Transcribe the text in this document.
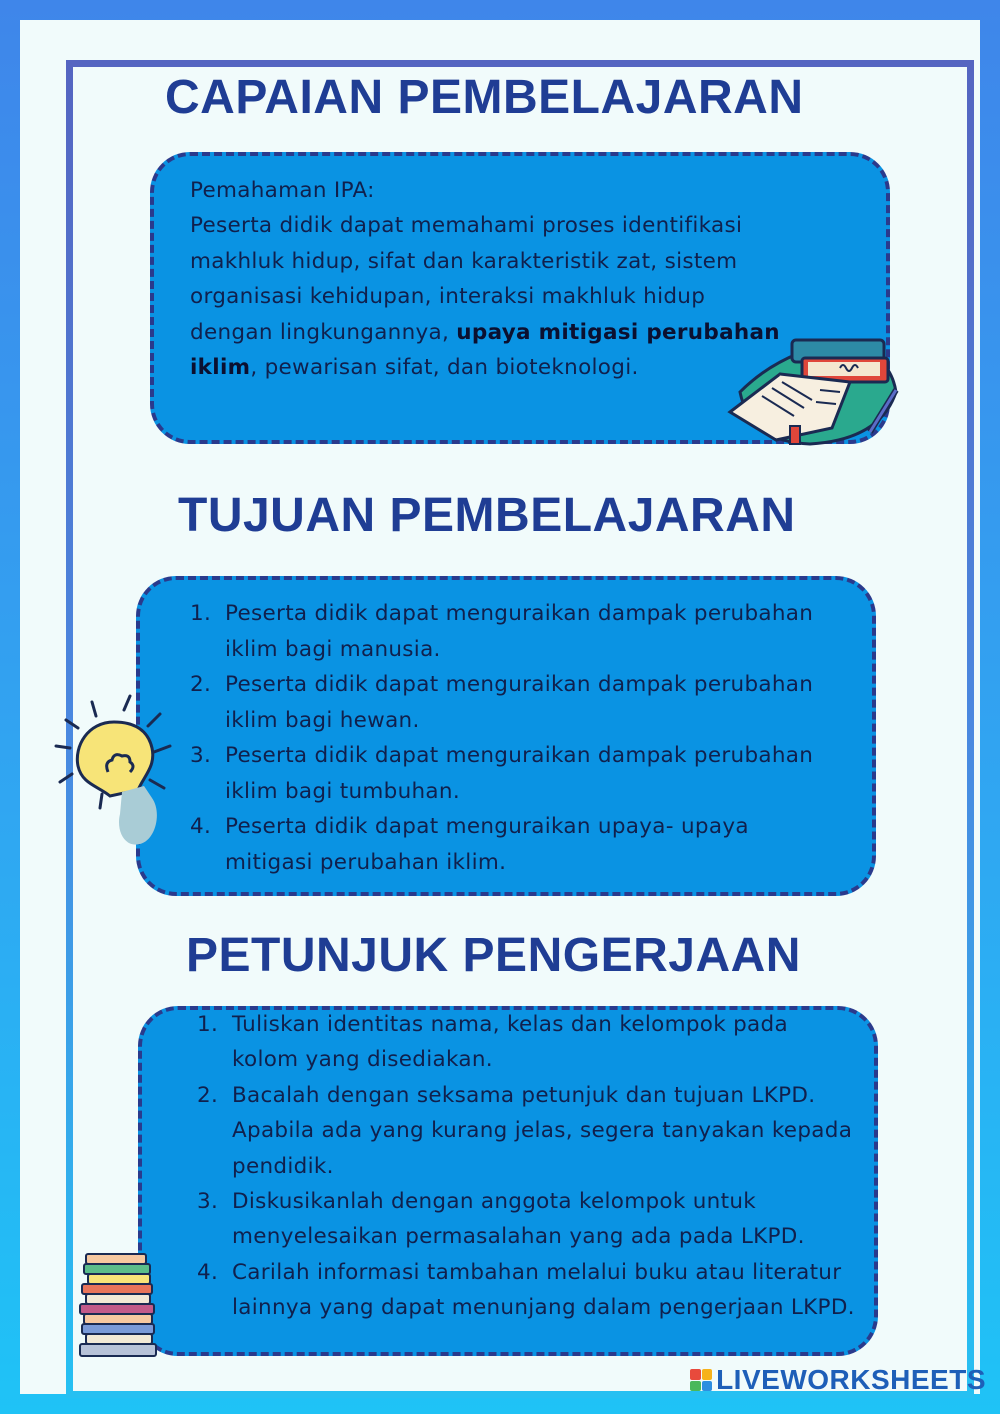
CAPAIAN PEMBELAJARAN

Pemahaman IPA:

Peserta didik dapat memahami proses identifikasi makhluk hidup, sifat dan karakteristik zat, sistem organisasi kehidupan, interaksi makhluk hidup dengan lingkungannya, upaya mitigasi perubahan iklim, pewarisan sifat, dan bioteknologi.

TUJUAN PEMBELAJARAN
1. Peserta didik dapat menguraikan dampak perubahan iklim bagi manusia.
2. Peserta didik dapat menguraikan dampak perubahan iklim bagi hewan.
3. Peserta didik dapat menguraikan dampak perubahan iklim bagi tumbuhan.
4. Peserta didik dapat menguraikan upaya- upaya mitigasi perubahan iklim.
PETUNJUK PENGERJAAN
1. Tuliskan identitas nama, kelas dan kelompok pada kolom yang disediakan.
2. Bacalah dengan seksama petunjuk dan tujuan LKPD. Apabila ada yang kurang jelas, segera tanyakan kepada pendidik.
3. Diskusikanlah dengan anggota kelompok untuk menyelesaikan permasalahan yang ada pada LKPD.
4. Carilah informasi tambahan melalui buku atau literatur lainnya yang dapat menunjang dalam pengerjaan LKPD.
LIVEWORKSHEETS
